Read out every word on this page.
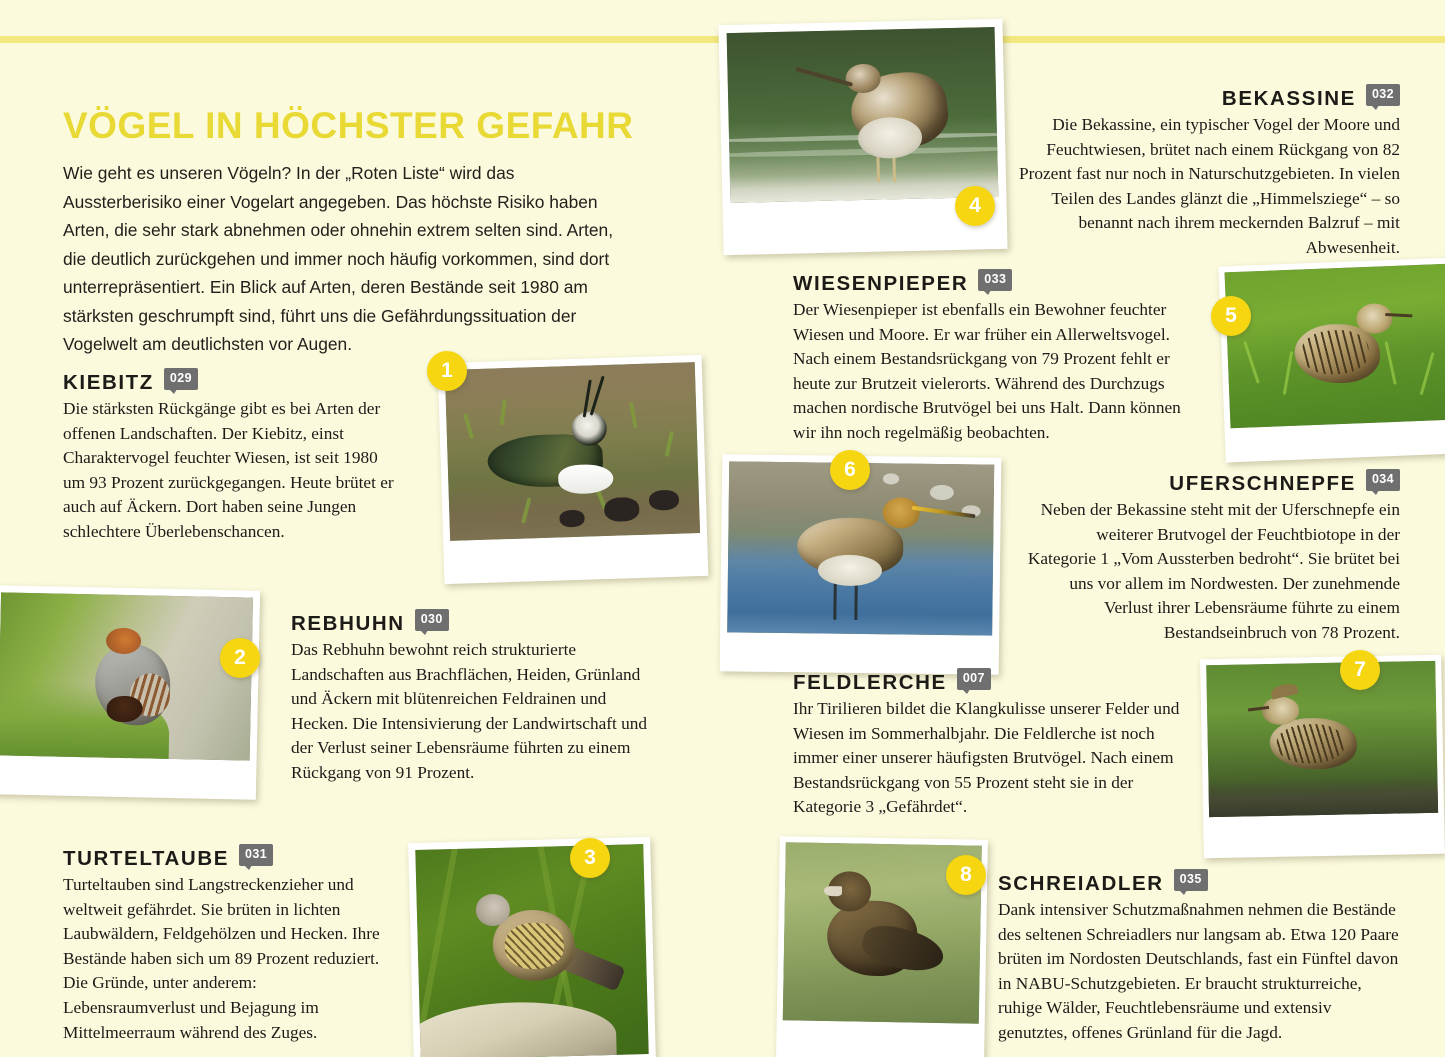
VÖGEL IN HÖCHSTER GEFAHR

Wie geht es unseren Vögeln? In der „Roten Liste“ wird das Aussterberisiko einer Vogelart angegeben. Das höchste Risiko haben Arten, die sehr stark abnehmen oder ohnehin extrem selten sind. Arten, die deutlich zurückgehen und immer noch häufig vorkommen, sind dort unterrepräsentiert. Ein Blick auf Arten, deren Bestände seit 1980 am stärksten geschrumpft sind, führt uns die Gefährdungssituation der Vogelwelt am deutlichsten vor Augen.

4
1
2
3
5
6
7
8
KIEBITZ	029

Die stärksten Rückgänge gibt es bei Arten der offenen Landschaften. Der Kiebitz, einst Charaktervogel feuchter Wiesen, ist seit 1980 um 93 Prozent zurückgegangen. Heute brütet er auch auf Äckern. Dort haben seine Jungen schlechtere Überlebenschancen.

REBHUHN	030

Das Rebhuhn bewohnt reich strukturierte Landschaften aus Brachflächen, Heiden, Grünland und Äckern mit blütenreichen Feldrainen und Hecken. Die Intensivierung der Landwirtschaft und der Verlust seiner Lebensräume führten zu einem Rückgang von 91 Prozent.

TURTELTAUBE	031

Turteltauben sind Langstreckenzieher und weltweit gefährdet. Sie brüten in lichten Laubwäldern, Feldgehölzen und Hecken. Ihre Bestände haben sich um 89 Prozent reduziert. Die Gründe, unter anderem: Lebensraumverlust und Bejagung im Mittelmeerraum während des Zuges.

BEKASSINE	032

Die Bekassine, ein typischer Vogel der Moore und Feuchtwiesen, brütet nach einem Rückgang von 82 Prozent fast nur noch in Naturschutzgebieten. In vielen Teilen des Landes glänzt die „Himmelsziege“ – so benannt nach ihrem meckernden Balzruf – mit Abwesenheit.

WIESENPIEPER	033

Der Wiesenpieper ist ebenfalls ein Bewohner feuchter Wiesen und Moore. Er war früher ein Allerweltsvogel. Nach einem Bestandsrückgang von 79 Prozent fehlt er heute zur Brutzeit vielerorts. Während des Durchzugs machen nordische Brutvögel bei uns Halt. Dann können wir ihn noch regelmäßig beobachten.

UFERSCHNEPFE	034

Neben der Bekassine steht mit der Uferschnepfe ein weiterer Brutvogel der Feuchtbiotope in der Kategorie 1 „Vom Aussterben bedroht“. Sie brütet bei uns vor allem im Nordwesten. Der zunehmende Verlust ihrer Lebensräume führte zu einem Bestandseinbruch von 78 Prozent.

FELDLERCHE	007

Ihr Tirilieren bildet die Klangkulisse unserer Felder und Wiesen im Sommerhalbjahr. Die Feldlerche ist noch immer einer unserer häufigsten Brutvögel. Nach einem Bestandsrückgang von 55 Prozent steht sie in der Kategorie 3 „Gefährdet“.

SCHREIADLER	035

Dank intensiver Schutzmaßnahmen nehmen die Bestände des seltenen Schreiadlers nur langsam ab. Etwa 120 Paare brüten im Nordosten Deutschlands, fast ein Fünftel davon in NABU-Schutzgebieten. Er braucht strukturreiche, ruhige Wälder, Feuchtlebensräume und extensiv genutztes, offenes Grünland für die Jagd.
